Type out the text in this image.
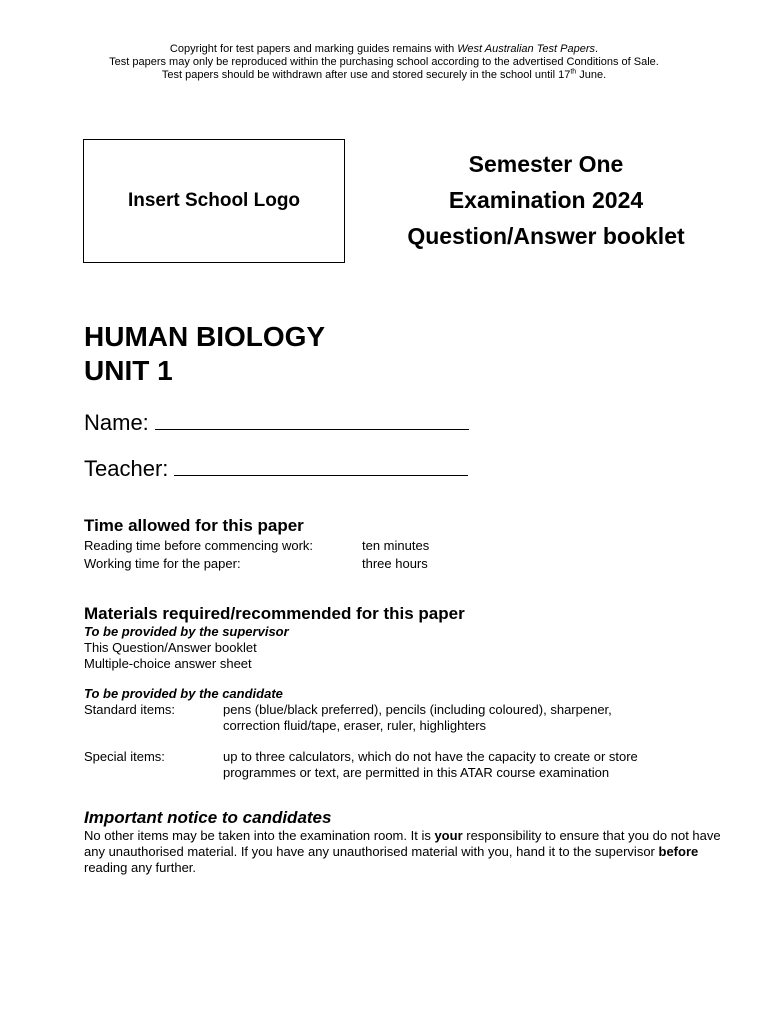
Copyright for test papers and marking guides remains with West Australian Test Papers.
Test papers may only be reproduced within the purchasing school according to the advertised Conditions of Sale.
Test papers should be withdrawn after use and stored securely in the school until 17th June.
Insert School Logo
Semester One
Examination 2024
Question/Answer booklet
HUMAN BIOLOGY
UNIT 1
Name:
Teacher:
Time allowed for this paper
Reading time before commencing work:	ten minutes
Working time for the paper:	three hours
Materials required/recommended for this paper
To be provided by the supervisor
This Question/Answer booklet
Multiple-choice answer sheet
To be provided by the candidate
Standard items:	pens (blue/black preferred), pencils (including coloured), sharpener, correction fluid/tape, eraser, ruler, highlighters
Special items:	up to three calculators, which do not have the capacity to create or store programmes or text, are permitted in this ATAR course examination
Important notice to candidates
No other items may be taken into the examination room. It is your responsibility to ensure that you do not have any unauthorised material. If you have any unauthorised material with you, hand it to the supervisor before reading any further.
